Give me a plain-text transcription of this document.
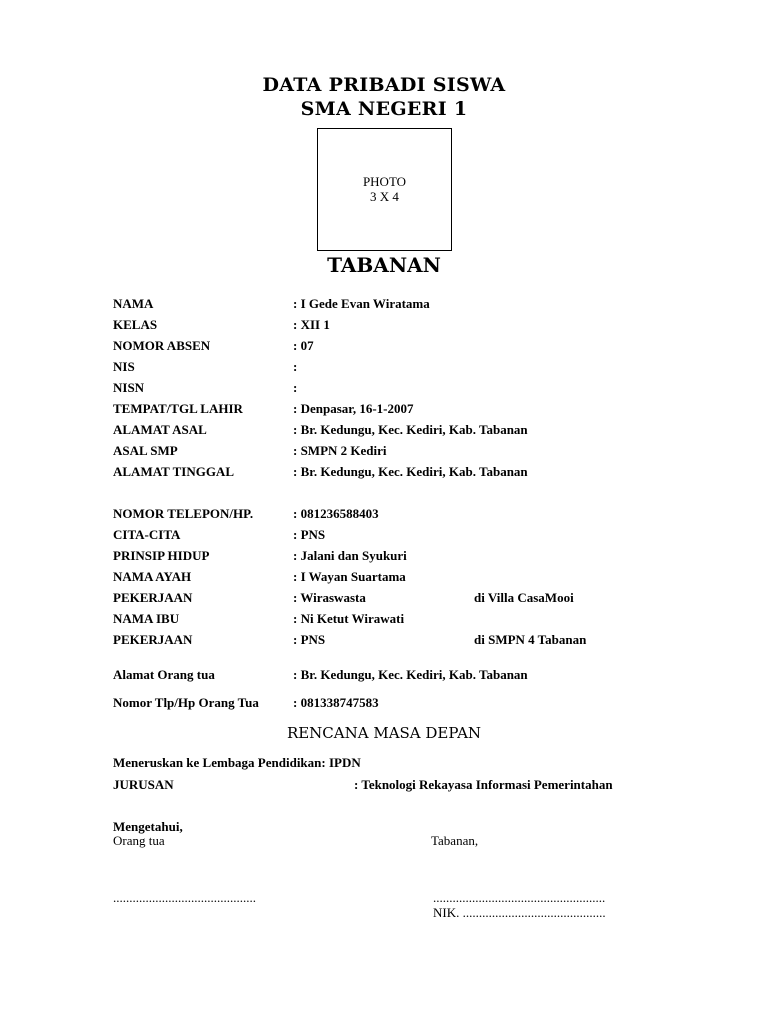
DATA PRIBADI SISWA
SMA NEGERI 1
PHOTO
3 X 4
TABANAN
NAMA	: I Gede Evan Wiratama
KELAS	: XII 1
NOMOR ABSEN	: 07
NIS	:
NISN	:
TEMPAT/TGL LAHIR	: Denpasar, 16-1-2007
ALAMAT ASAL	: Br. Kedungu, Kec. Kediri, Kab. Tabanan
ASAL SMP	: SMPN 2 Kediri
ALAMAT TINGGAL	: Br. Kedungu, Kec. Kediri, Kab. Tabanan
NOMOR TELEPON/HP.	: 081236588403
CITA-CITA	: PNS
PRINSIP HIDUP	: Jalani dan Syukuri
NAMA AYAH	: I Wayan Suartama
PEKERJAAN	: Wiraswasta	di Villa CasaMooi
NAMA IBU	: Ni Ketut Wirawati
PEKERJAAN	: PNS	di SMPN 4 Tabanan
Alamat Orang tua	: Br. Kedungu, Kec. Kediri, Kab. Tabanan
Nomor Tlp/Hp Orang Tua	: 081338747583
RENCANA MASA DEPAN
Meneruskan ke Lembaga Pendidikan: IPDN
JURUSAN	: Teknologi Rekayasa Informasi Pemerintahan
Mengetahui,
Orang tua	Tabanan,
............................................	.....................................................
NIK. ............................................
